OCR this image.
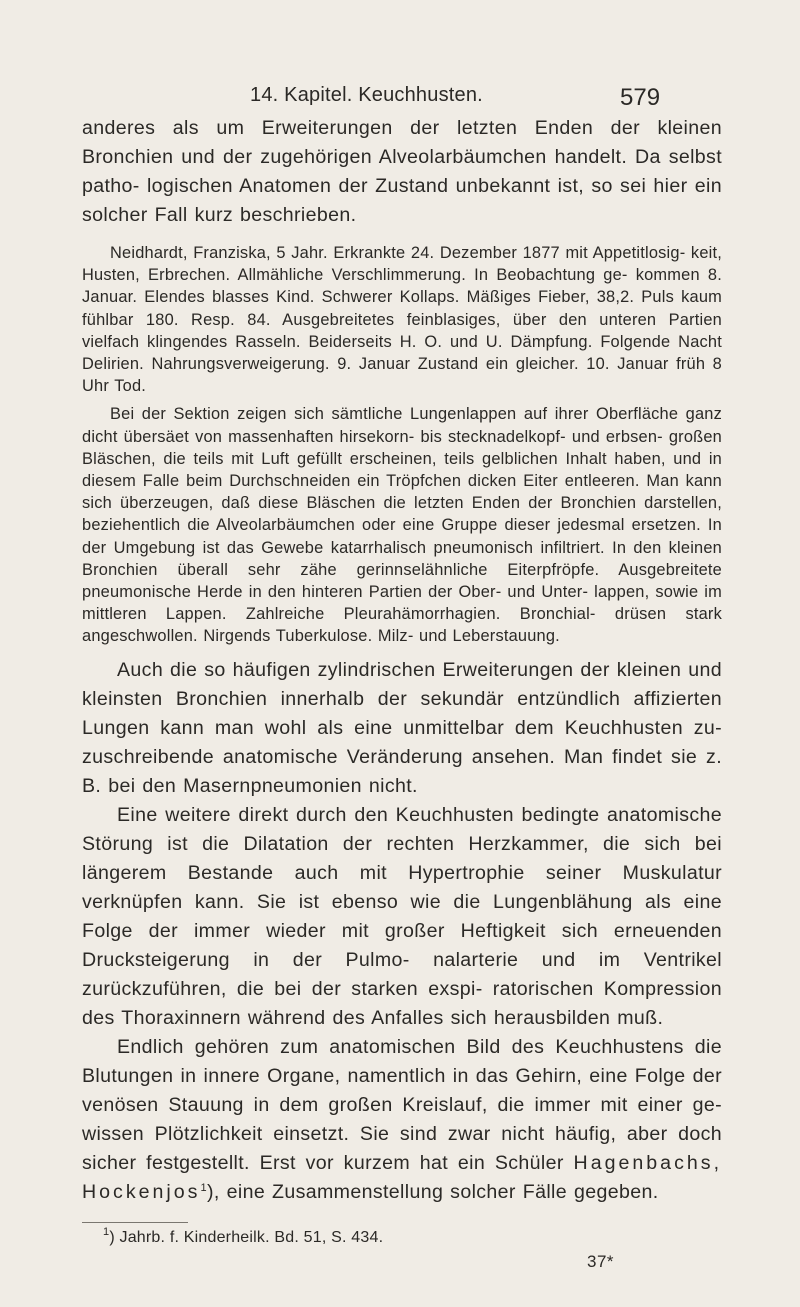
14. Kapitel. Keuchhusten.	579

anderes als um Erweiterungen der letzten Enden der kleinen Bronchien und der zugehörigen Alveolarbäumchen handelt. Da selbst patho- logischen Anatomen der Zustand unbekannt ist, so sei hier ein solcher Fall kurz beschrieben.

Neidhardt, Franziska, 5 Jahr. Erkrankte 24. Dezember 1877 mit Appetitlosig- keit, Husten, Erbrechen. Allmähliche Verschlimmerung. In Beobachtung ge- kommen 8. Januar. Elendes blasses Kind. Schwerer Kollaps. Mäßiges Fieber, 38,2. Puls kaum fühlbar 180. Resp. 84. Ausgebreitetes feinblasiges, über den unteren Partien vielfach klingendes Rasseln. Beiderseits H. O. und U. Dämpfung. Folgende Nacht Delirien. Nahrungsverweigerung. 9. Januar Zustand ein gleicher. 10. Januar früh 8 Uhr Tod.

Bei der Sektion zeigen sich sämtliche Lungenlappen auf ihrer Oberfläche ganz dicht übersäet von massenhaften hirsekorn- bis stecknadelkopf- und erbsen- großen Bläschen, die teils mit Luft gefüllt erscheinen, teils gelblichen Inhalt haben, und in diesem Falle beim Durchschneiden ein Tröpfchen dicken Eiter entleeren. Man kann sich überzeugen, daß diese Bläschen die letzten Enden der Bronchien darstellen, beziehentlich die Alveolarbäumchen oder eine Gruppe dieser jedesmal ersetzen. In der Umgebung ist das Gewebe katarrhalisch pneumonisch infiltriert. In den kleinen Bronchien überall sehr zähe gerinnselähnliche Eiterpfröpfe. Ausgebreitete pneumonische Herde in den hinteren Partien der Ober- und Unter- lappen, sowie im mittleren Lappen. Zahlreiche Pleurahämorrhagien. Bronchial- drüsen stark angeschwollen. Nirgends Tuberkulose. Milz- und Leberstauung.

Auch die so häufigen zylindrischen Erweiterungen der kleinen und kleinsten Bronchien innerhalb der sekundär entzündlich affizierten Lungen kann man wohl als eine unmittelbar dem Keuchhusten zu- zuschreibende anatomische Veränderung ansehen. Man findet sie z. B. bei den Masernpneumonien nicht.

Eine weitere direkt durch den Keuchhusten bedingte anatomische Störung ist die Dilatation der rechten Herzkammer, die sich bei längerem Bestande auch mit Hypertrophie seiner Muskulatur verknüpfen kann. Sie ist ebenso wie die Lungenblähung als eine Folge der immer wieder mit großer Heftigkeit sich erneuenden Drucksteigerung in der Pulmo- nalarterie und im Ventrikel zurückzuführen, die bei der starken exspi- ratorischen Kompression des Thoraxinnern während des Anfalles sich herausbilden muß.

Endlich gehören zum anatomischen Bild des Keuchhustens die Blutungen in innere Organe, namentlich in das Gehirn, eine Folge der venösen Stauung in dem großen Kreislauf, die immer mit einer ge- wissen Plötzlichkeit einsetzt. Sie sind zwar nicht häufig, aber doch sicher festgestellt. Erst vor kurzem hat ein Schüler Hagenbachs, Hockenjos$^1$), eine Zusammenstellung solcher Fälle gegeben.

$^1$) Jahrb. f. Kinderheilk. Bd. 51, S. 434.
37*
